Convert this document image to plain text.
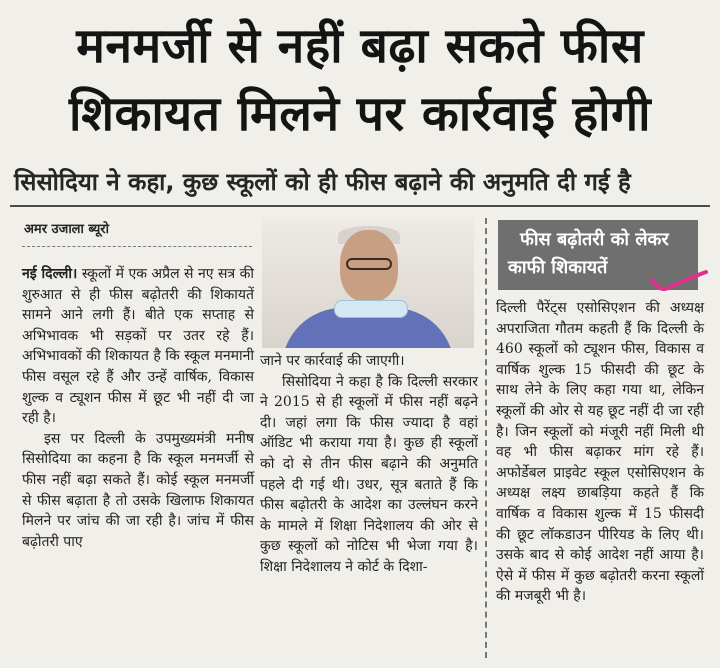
मनमर्जी से नहीं बढ़ा सकते फीस
शिकायत मिलने पर कार्रवाई होगी
सिसोदिया ने कहा, कुछ स्कूलों को ही फीस बढ़ाने की अनुमति दी गई है
अमर उजाला ब्यूरो

नई दिल्ली। स्कूलों में एक अप्रैल से नए सत्र की शुरुआत से ही फीस बढ़ोतरी की शिकायतें सामने आने लगी हैं। बीते एक सप्ताह से अभिभावक भी सड़कों पर उतर रहे हैं। अभिभावकों की शिकायत है कि स्कूल मनमानी फीस वसूल रहे हैं और उन्हें वार्षिक, विकास शुल्क व ट्यूशन फीस में छूट भी नहीं दी जा रही है।

इस पर दिल्ली के उपमुख्यमंत्री मनीष सिसोदिया का कहना है कि स्कूल मनमर्जी से फीस नहीं बढ़ा सकते हैं। कोई स्कूल मनमर्जी से फीस बढ़ाता है तो उसके खिलाफ शिकायत मिलने पर जांच की जा रही है। जांच में फीस बढ़ोतरी पाए

जाने पर कार्रवाई की जाएगी।

सिसोदिया ने कहा है कि दिल्ली सरकार ने 2015 से ही स्कूलों में फीस नहीं बढ़ने दी। जहां लगा कि फीस ज्यादा है वहां ऑडिट भी कराया गया है। कुछ ही स्कूलों को दो से तीन फीस बढ़ाने की अनुमति पहले दी गई थी। उधर, सूत्र बताते हैं कि फीस बढ़ोतरी के आदेश का उल्लंघन करने के मामले में शिक्षा निदेशालय की ओर से कुछ स्कूलों को नोटिस भी भेजा गया है। शिक्षा निदेशालय ने कोर्ट के दिशा-

फीस बढ़ोतरी को लेकर
काफी शिकायतें

दिल्ली पैरेंट्स एसोसिएशन की अध्यक्ष अपराजिता गौतम कहती हैं कि दिल्ली के 460 स्कूलों को ट्यूशन फीस, विकास व वार्षिक शुल्क 15 फीसदी की छूट के साथ लेने के लिए कहा गया था, लेकिन स्कूलों की ओर से यह छूट नहीं दी जा रही है। जिन स्कूलों को मंजूरी नहीं मिली थी वह भी फीस बढ़ाकर मांग रहे हैं। अफोर्डेबल प्राइवेट स्कूल एसोसिएशन के अध्यक्ष लक्ष्य छाबड़िया कहते हैं कि वार्षिक व विकास शुल्क में 15 फीसदी की छूट लॉकडाउन पीरियड के लिए थी। उसके बाद से कोई आदेश नहीं आया है। ऐसे में फीस में कुछ बढ़ोतरी करना स्कूलों की मजबूरी भी है।
